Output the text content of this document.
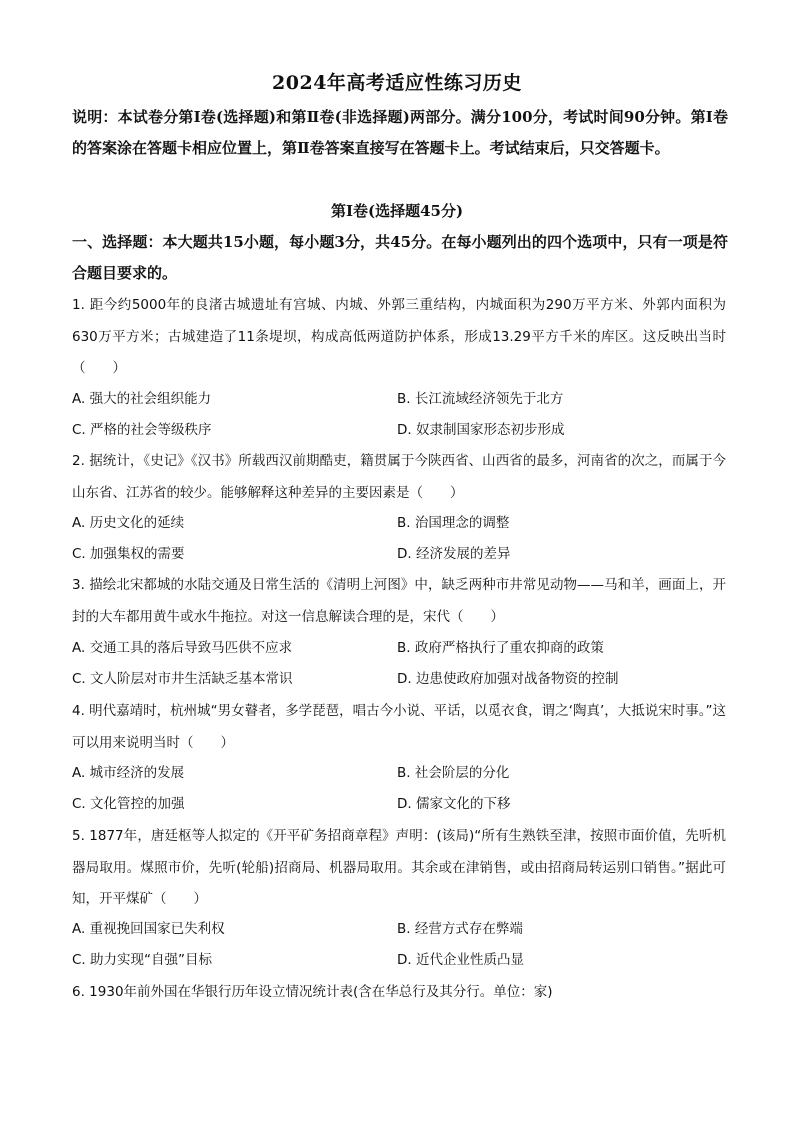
2024年高考适应性练习历史
说明：本试卷分第Ⅰ卷(选择题)和第Ⅱ卷(非选择题)两部分。满分100分，考试时间90分钟。第Ⅰ卷的答案涂在答题卡相应位置上，第Ⅱ卷答案直接写在答题卡上。考试结束后，只交答题卡。
第Ⅰ卷(选择题45分)
一、选择题：本大题共15小题，每小题3分，共45分。在每小题列出的四个选项中，只有一项是符合题目要求的。
1. 距今约5000年的良渚古城遗址有宫城、内城、外郭三重结构，内城面积为290万平方米、外郭内面积为630万平方米；古城建造了11条堤坝，构成高低两道防护体系，形成13.29平方千米的库区。这反映出当时（　　）
A. 强大的社会组织能力	B. 长江流域经济领先于北方
C. 严格的社会等级秩序	D. 奴隶制国家形态初步形成
2. 据统计，《史记》《汉书》所载西汉前期酷吏，籍贯属于今陕西省、山西省的最多，河南省的次之，而属于今山东省、江苏省的较少。能够解释这种差异的主要因素是（　　）
A. 历史文化的延续	B. 治国理念的调整
C. 加强集权的需要	D. 经济发展的差异
3. 描绘北宋都城的水陆交通及日常生活的《清明上河图》中，缺乏两种市井常见动物——马和羊，画面上，开封的大车都用黄牛或水牛拖拉。对这一信息解读合理的是，宋代（　　）
A. 交通工具的落后导致马匹供不应求	B. 政府严格执行了重农抑商的政策
C. 文人阶层对市井生活缺乏基本常识	D. 边患使政府加强对战备物资的控制
4. 明代嘉靖时，杭州城“男女瞽者，多学琵琶，唱古今小说、平话，以觅衣食，谓之‘陶真’，大抵说宋时事。”这可以用来说明当时（　　）
A. 城市经济的发展	B. 社会阶层的分化
C. 文化管控的加强	D. 儒家文化的下移
5. 1877年，唐廷枢等人拟定的《开平矿务招商章程》声明：(该局)“所有生熟铁至津，按照市面价值，先听机器局取用。煤照市价，先听(轮船)招商局、机器局取用。其余或在津销售，或由招商局转运别口销售。”据此可知，开平煤矿（　　）
A. 重视挽回国家已失利权	B. 经营方式存在弊端
C. 助力实现“自强”目标	D. 近代企业性质凸显
6. 1930年前外国在华银行历年设立情况统计表(含在华总行及其分行。单位：家)
